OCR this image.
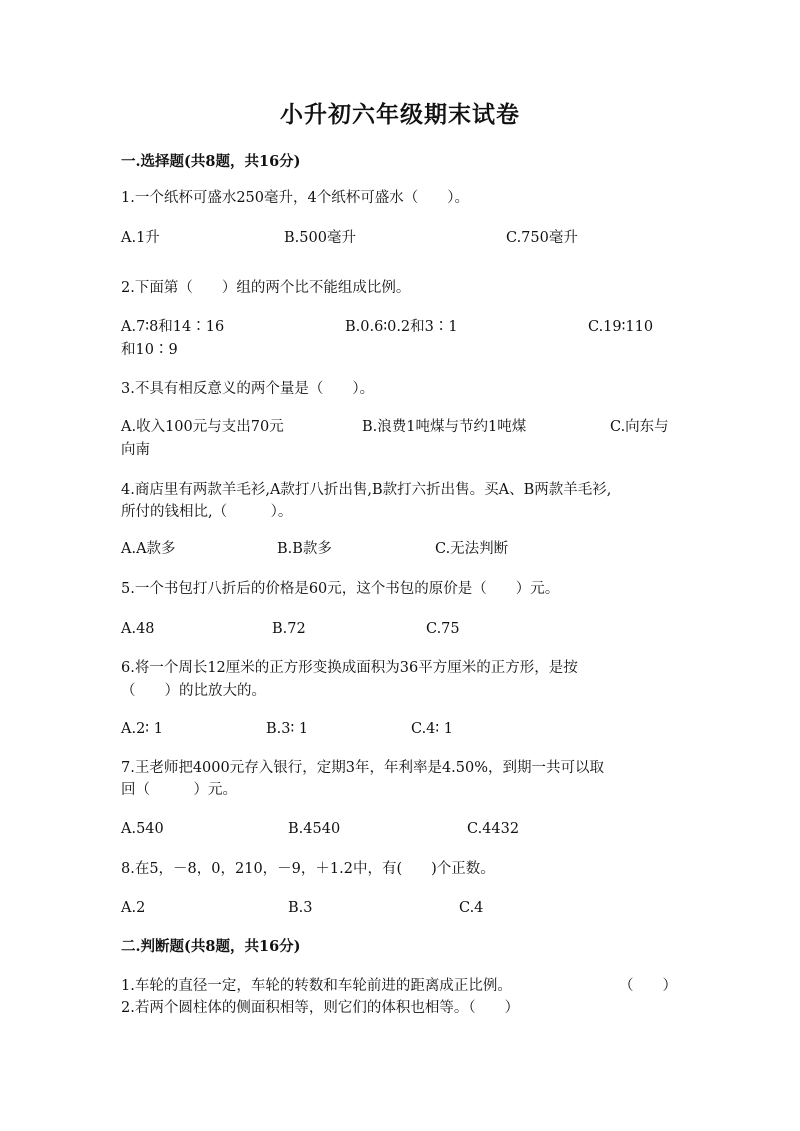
小升初六年级期末试卷
一.选择题(共8题，共16分)
1.一个纸杯可盛水250毫升，4个纸杯可盛水（　　）。
A.1升	B.500毫升	C.750毫升
2.下面第（　　）组的两个比不能组成比例。
A.7∶8和14∶16	B.0.6∶0.2和3∶1	C.19∶110
和10∶9
3.不具有相反意义的两个量是（　　）。
A.收入100元与支出70元	B.浪费1吨煤与节约1吨煤	C.向东与
向南
4.商店里有两款羊毛衫,A款打八折出售,B款打六折出售。买A、B两款羊毛衫,
所付的钱相比,（　　　）。
A.A款多	B.B款多	C.无法判断
5.一个书包打八折后的价格是60元，这个书包的原价是（　　）元。
A.48	B.72	C.75
6.将一个周长12厘米的正方形变换成面积为36平方厘米的正方形，是按
（　　）的比放大的。
A.2∶ 1	B.3∶ 1	C.4∶ 1
7.王老师把4000元存入银行，定期3年，年利率是4.50%，到期一共可以取
回（　　　）元。
A.540	B.4540	C.4432
8.在5，－8，0，210，－9，＋1.2中，有(　　)个正数。
A.2	B.3	C.4
二.判断题(共8题，共16分)
1.车轮的直径一定，车轮的转数和车轮前进的距离成正比例。	（　　）
2.若两个圆柱体的侧面积相等，则它们的体积也相等。（　　）
